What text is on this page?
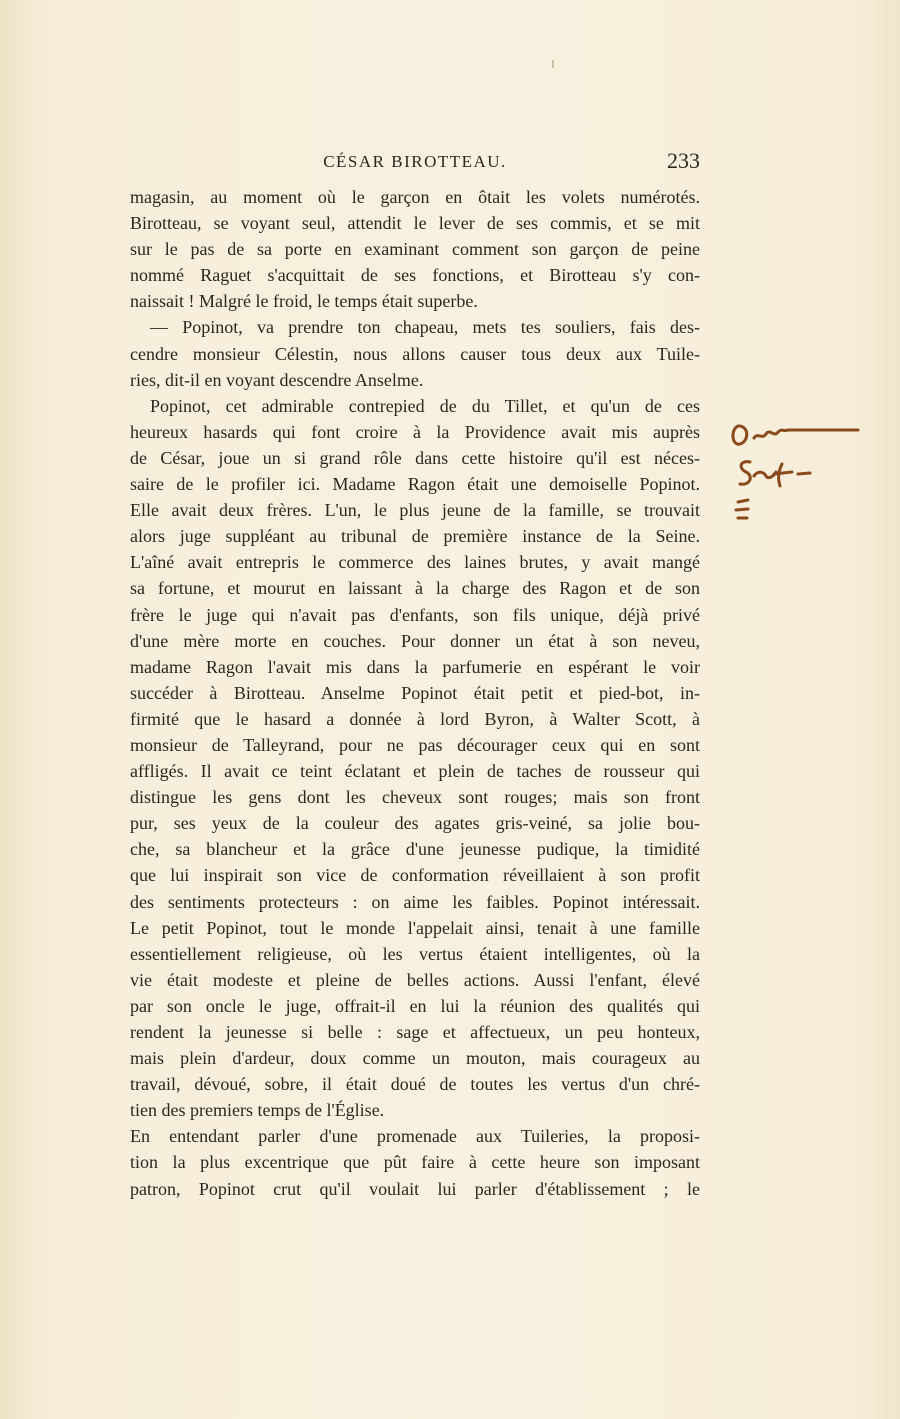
CÉSAR BIROTTEAU.	233
magasin, au moment où le garçon en ôtait les volets numérotés.
Birotteau, se voyant seul, attendit le lever de ses commis, et se mit
sur le pas de sa porte en examinant comment son garçon de peine
nommé Raguet s'acquittait de ses fonctions, et Birotteau s'y con-
naissait ! Malgré le froid, le temps était superbe.
— Popinot, va prendre ton chapeau, mets tes souliers, fais des-
cendre monsieur Célestin, nous allons causer tous deux aux Tuile-
ries, dit-il en voyant descendre Anselme.
Popinot, cet admirable contrepied de du Tillet, et qu'un de ces
heureux hasards qui font croire à la Providence avait mis auprès
de César, joue un si grand rôle dans cette histoire qu'il est néces-
saire de le profiler ici. Madame Ragon était une demoiselle Popinot.
Elle avait deux frères. L'un, le plus jeune de la famille, se trouvait
alors juge suppléant au tribunal de première instance de la Seine.
L'aîné avait entrepris le commerce des laines brutes, y avait mangé
sa fortune, et mourut en laissant à la charge des Ragon et de son
frère le juge qui n'avait pas d'enfants, son fils unique, déjà privé
d'une mère morte en couches. Pour donner un état à son neveu,
madame Ragon l'avait mis dans la parfumerie en espérant le voir
succéder à Birotteau. Anselme Popinot était petit et pied-bot, in-
firmité que le hasard a donnée à lord Byron, à Walter Scott, à
monsieur de Talleyrand, pour ne pas décourager ceux qui en sont
affligés. Il avait ce teint éclatant et plein de taches de rousseur qui
distingue les gens dont les cheveux sont rouges; mais son front
pur, ses yeux de la couleur des agates gris-veiné, sa jolie bou-
che, sa blancheur et la grâce d'une jeunesse pudique, la timidité
que lui inspirait son vice de conformation réveillaient à son profit
des sentiments protecteurs : on aime les faibles. Popinot intéressait.
Le petit Popinot, tout le monde l'appelait ainsi, tenait à une famille
essentiellement religieuse, où les vertus étaient intelligentes, où la
vie était modeste et pleine de belles actions. Aussi l'enfant, élevé
par son oncle le juge, offrait-il en lui la réunion des qualités qui
rendent la jeunesse si belle : sage et affectueux, un peu honteux,
mais plein d'ardeur, doux comme un mouton, mais courageux au
travail, dévoué, sobre, il était doué de toutes les vertus d'un chré-
tien des premiers temps de l'Église.
En entendant parler d'une promenade aux Tuileries, la proposi-
tion la plus excentrique que pût faire à cette heure son imposant
patron, Popinot crut qu'il voulait lui parler d'établissement ; le
